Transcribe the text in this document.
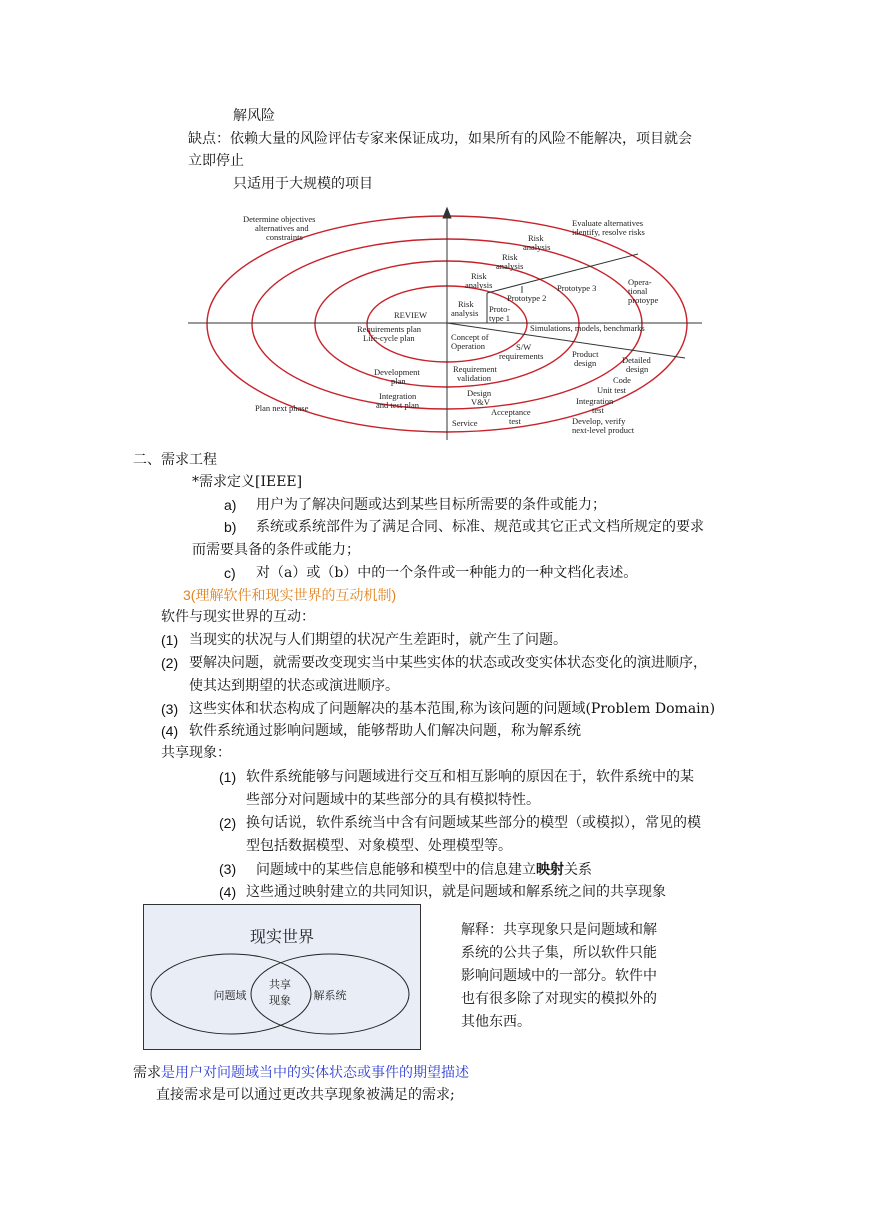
解风险
缺点：依赖大量的风险评估专家来保证成功，如果所有的风险不能解决，项目就会
立即停止
只适用于大规模的项目
Determine objectives alternatives and constraints
Evaluate alternatives identify, resolve risks
Risk analysis
Risk analysis
Risk analysis
Risk analysis
Opera-tional protoype
Prototype 3
Prototype 2
Proto-type 1
REVIEW
Requirements plan Life-cycle plan	Concept of Operation
Simulations, models, benchmarks
S/W requirements	Product design	Detailed design
Code
Development plan
Requirement validation
Unit test
Integration and test plan
Design V&V	Integration test
Plan next phase	Acceptance test	Develop, verify next-level product
Service
二、需求工程
*需求定义[IEEE]
a) 用户为了解决问题或达到某些目标所需要的条件或能力；
b) 系统或系统部件为了满足合同、标准、规范或其它正式文档所规定的要求
而需要具备的条件或能力；
c) 对（a）或（b）中的一个条件或一种能力的一种文档化表述。
3(理解软件和现实世界的互动机制)
软件与现实世界的互动：
(1) 当现实的状况与人们期望的状况产生差距时，就产生了问题。
(2) 要解决问题，就需要改变现实当中某些实体的状态或改变实体状态变化的演进顺序，
使其达到期望的状态或演进顺序。
(3) 这些实体和状态构成了问题解决的基本范围,称为该问题的问题域(Problem Domain)
(4) 软件系统通过影响问题域，能够帮助人们解决问题，称为解系统
共享现象：
(1) 软件系统能够与问题域进行交互和相互影响的原因在于，软件系统中的某
些部分对问题域中的某些部分的具有模拟特性。
(2) 换句话说，软件系统当中含有问题域某些部分的模型（或模拟），常见的模
型包括数据模型、对象模型、处理模型等。
(3) 问题域中的某些信息能够和模型中的信息建立映射关系
(4) 这些通过映射建立的共同知识，就是问题域和解系统之间的共享现象
现实世界
问题域
共享
现象 解系统
解释：共享现象只是问题域和解
系统的公共子集，所以软件只能
影响问题域中的一部分。软件中
也有很多除了对现实的模拟外的
其他东西。
需求是用户对问题域当中的实体状态或事件的期望描述
直接需求是可以通过更改共享现象被满足的需求;
